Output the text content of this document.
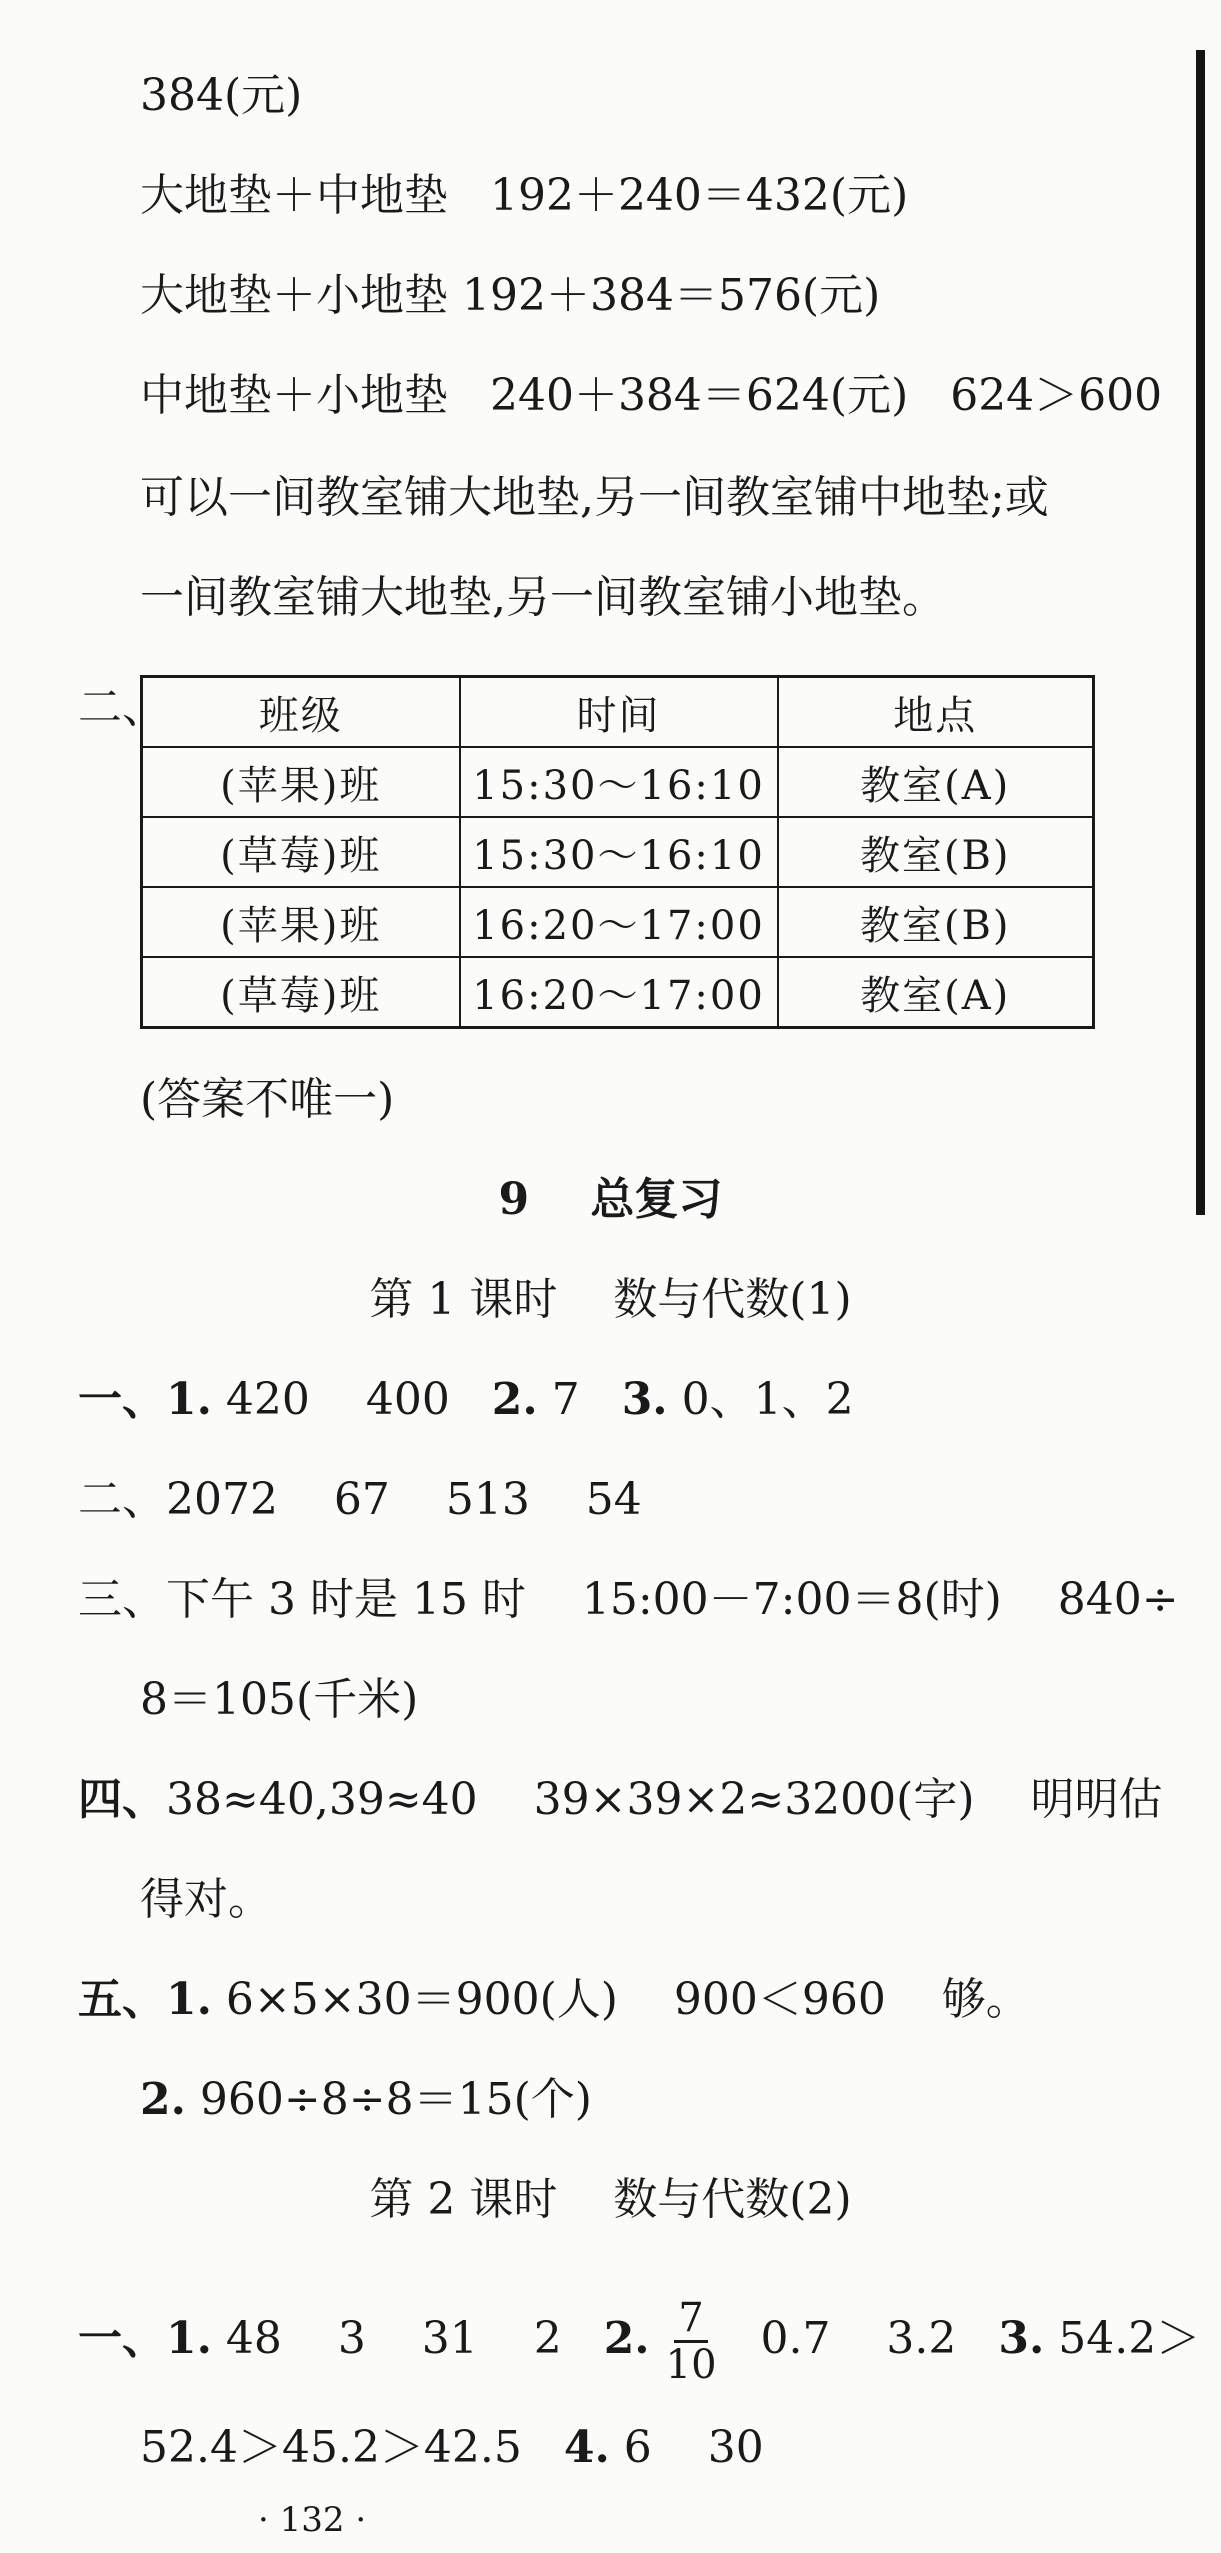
384(元)
大地垫＋中地垫   192＋240＝432(元)
大地垫＋小地垫 192＋384＝576(元)
中地垫＋小地垫   240＋384＝624(元)   624＞600
可以一间教室铺大地垫,另一间教室铺中地垫;或
一间教室铺大地垫,另一间教室铺小地垫。
二、 班级	时间	地点
(苹果)班	15:30～16:10	教室(A)
(草莓)班	15:30～16:10	教室(B)
(苹果)班	16:20～17:00	教室(B)
(草莓)班	16:20～17:00	教室(A)
(答案不唯一)
9    总复习
第 1 课时    数与代数(1)
一、1. 420    400   2. 7   3. 0、1、2
二、2072    67    513    54
三、下午 3 时是 15 时    15:00－7:00＝8(时)    840÷
8＝105(千米)
四、38≈40,39≈40    39×39×2≈3200(字)    明明估
得对。
五、1. 6×5×30＝900(人)    900＜960    够。
2. 960÷8÷8＝15(个)
第 2 课时    数与代数(2)
一、1. 48    3    31    2   2. $\frac{7}{10} 0.7$    3.2   3. 54.2＞
52.4＞45.2＞42.5   4. 6    30
· 132 ·
